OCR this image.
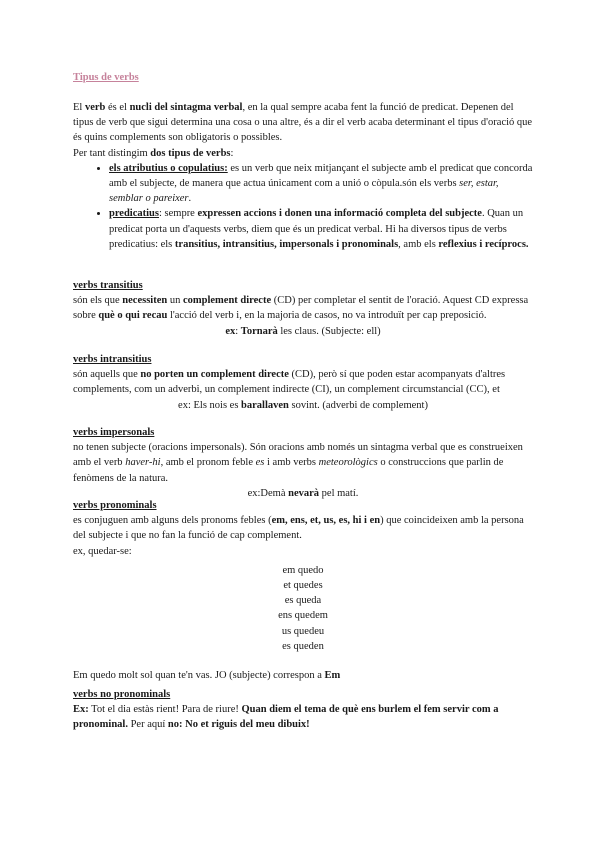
Tipus de verbs
El verb és el nucli del sintagma verbal, en la qual sempre acaba fent la funció de predicat. Depenen del tipus de verb que sigui determina una cosa o una altre, és a dir el verb acaba determinant el tipus d'oració que és quins complements son obligatoris o possibles.
Per tant distingim dos tipus de verbs:
• els atributius o copulatius: es un verb que neix mitjançant el subjecte amb el predicat que concorda amb el subjecte, de manera que actua únicament com a unió o còpula.són els verbs ser, estar, semblar o pareixer.
• predicatius: sempre expressen accions i donen una informació completa del subjecte. Quan un predicat porta un d'aquests verbs, diem que és un predicat verbal. Hi ha diversos tipus de verbs predicatius: els transitius, intransitius, impersonals i pronominals, amb els reflexius i recíprocs.
verbs transitius
són els que necessiten un complement directe (CD) per completar el sentit de l'oració. Aquest CD expressa sobre què o qui recau l'acció del verb i, en la majoria de casos, no va introduït per cap preposició.
ex: Tornarà les claus. (Subjecte: ell)
verbs intransitius
són aquells que no porten un complement directe (CD), però sí que poden estar acompanyats d'altres complements, com un adverbi, un complement indirecte (CI), un complement circumstancial (CC), et
ex: Els nois es barallaven sovint. (adverbi de complement)
verbs impersonals
no tenen subjecte (oracions impersonals). Són oracions amb només un sintagma verbal que es construeixen amb el verb haver-hi, amb el pronom feble es i amb verbs meteorològics o construccions que parlin de fenòmens de la natura.
ex:Demà nevarà pel matí.
verbs pronominals
es conjuguen amb alguns dels pronoms febles (em, ens, et, us, es, hi i en) que coincideixen amb la persona del subjecte i que no fan la funció de cap complement.
ex, quedar-se:
em quedo
et quedes
es queda
ens quedem
us quedeu
es queden
Em quedo molt sol quan te'n vas. JO (subjecte) correspon a Em
verbs no pronominals
Ex: Tot el dia estàs rient! Para de riure! Quan diem el tema de què ens burlem el fem servir com a pronominal. Per aquí no: No et riguis del meu dibuix!
